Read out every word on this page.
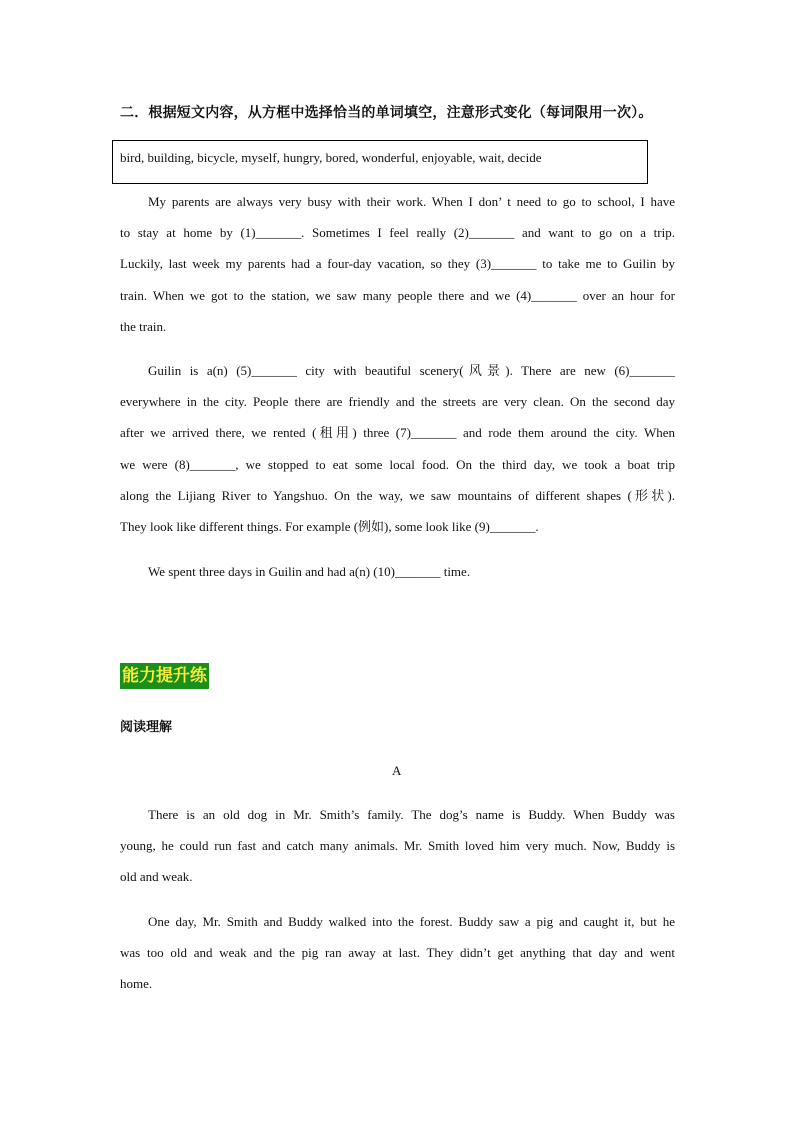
二．根据短文内容，从方框中选择恰当的单词填空，注意形式变化（每词限用一次）。
bird, building, bicycle, myself, hungry, bored, wonderful, enjoyable, wait, decide
My parents are always very busy with their work. When I don’ t need to go to school, I have
to stay at home by (1)_______. Sometimes I feel really (2)_______ and want to go on a trip.
Luckily, last week my parents had a four-day vacation, so they (3)_______ to take me to Guilin by
train. When we got to the station, we saw many people there and we (4)_______ over an hour for
the train.
Guilin is a(n) (5)_______ city with beautiful scenery(风景). There are new (6)_______
everywhere in the city. People there are friendly and the streets are very clean. On the second day
after we arrived there, we rented (租用) three (7)_______ and rode them around the city. When
we were (8)_______, we stopped to eat some local food. On the third day, we took a boat trip
along the Lijiang River to Yangshuo. On the way, we saw mountains of different shapes (形状).
They look like different things. For example (例如), some look like (9)_______.
We spent three days in Guilin and had a(n) (10)_______ time.
能力提升练
阅读理解
A
There is an old dog in Mr. Smith’s family. The dog’s name is Buddy. When Buddy was
young, he could run fast and catch many animals. Mr. Smith loved him very much. Now, Buddy is
old and weak.
One day, Mr. Smith and Buddy walked into the forest. Buddy saw a pig and caught it, but he
was too old and weak and the pig ran away at last. They didn’t get anything that day and went
home.
